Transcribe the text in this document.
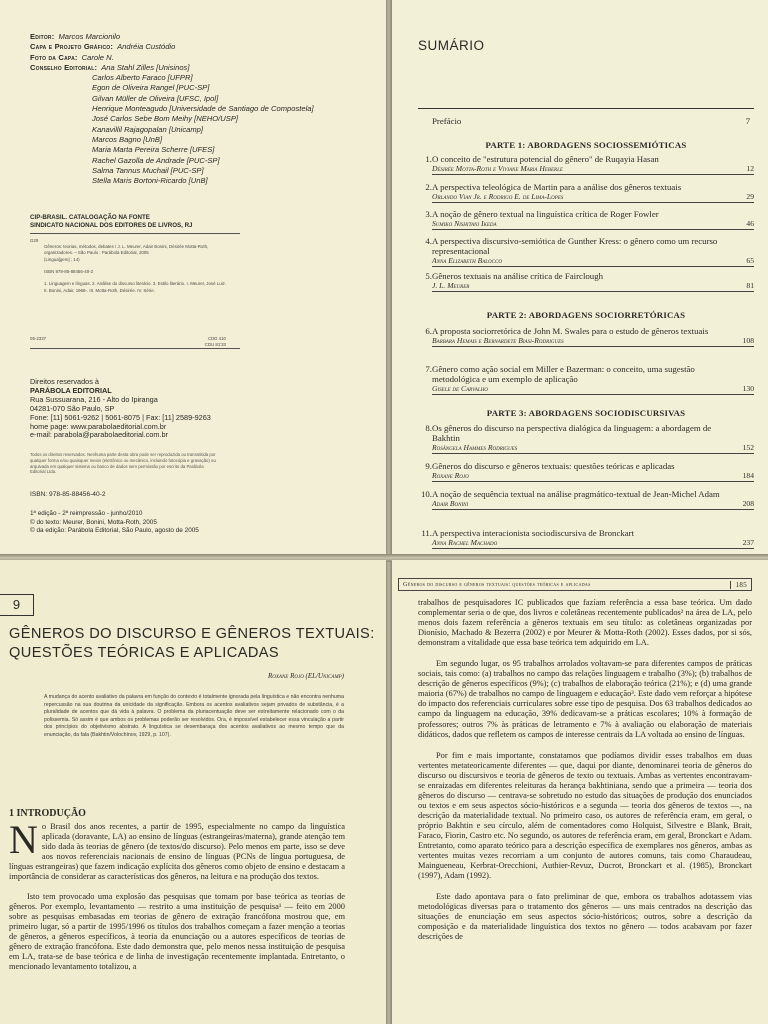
Editor: Marcos Marcionilo
Capa e Projeto Gráfico: Andréia Custódio
Foto da Capa: Carole N.
Conselho Editorial: Ana Stahl Zilles [Unisinos]
Carlos Alberto Faraco [UFPR]
Egon de Oliveira Rangel [PUC-SP]
Gilvan Müller de Oliveira [UFSC, Ipol]
Henrique Monteagudo [Universidade de Santiago de Compostela]
José Carlos Sebe Bom Meihy [NEHO/USP]
Kanavillil Rajagopalan [Unicamp]
Marcos Bagno [UnB]
Maria Marta Pereira Scherre [UFES]
Rachel Gazolla de Andrade [PUC-SP]
Salma Tannus Muchail [PUC-SP]
Stella Maris Bortoni-Ricardo [UnB]
CIP-BRASIL. CATALOGAÇÃO NA FONTE
SINDICATO NACIONAL DOS EDITORES DE LIVROS, RJ
G29
Gêneros: teorias, métodos, debates / J. L. Meurer, Adair Bonini, Désirée Motta-Roth,
organizadores. – São Paulo : Parábola Editorial, 2005
(Lingua[gem] ; 14)

ISBN 978-85-88456-40-2

1. Linguagem e línguas. 2. Análise do discurso literário. 3. Estilo literário. I. Meurer, José Luiz.
II. Bonini, Adair, 1968-. III. Motta-Roth, Désirée. IV. Série.
05-2337	CDD 410
CDU 81'33
Direitos reservados à
PARÁBOLA EDITORIAL
Rua Sussuarana, 216 - Alto do Ipiranga
04281-070 São Paulo, SP
Fone: [11] 5061-9262 | 5061-8075 | Fax: [11] 2589-9263
home page: www.parabolaeditorial.com.br
e-mail: parabola@parabolaeditorial.com.br
Todos os direitos reservados. Nenhuma parte desta obra pode ser reproduzida ou transmitida por qualquer forma e/ou quaisquer meios (eletrônico ou mecânico, incluindo fotocópia e gravação) ou arquivada em qualquer sistema ou banco de dados sem permissão por escrito da Parábola Editorial Ltda.
ISBN: 978-85-88456-40-2
1ª edição - 2ª reimpressão - junho/2010
© do texto: Meurer, Bonini, Motta-Roth, 2005
© da edição: Parábola Editorial, São Paulo, agosto de 2005
SUMÁRIO
Prefácio	7
PARTE 1: ABORDAGENS SOCIOSSEMIÓTICAS
1. O conceito de "estrutura potencial do gênero" de Ruqayia Hasan
Désirée Motta-Roth e Viviane Maria Heberle	12
2. A perspectiva teleológica de Martin para a análise dos gêneros textuais
Orlando Vian Jr. e Rodrigo E. de Lima-Lopes	29
3. A noção de gênero textual na linguística crítica de Roger Fowler
Sumiko Nishitani Ikeda	46
4. A perspectiva discursivo-semiótica de Gunther Kress: o gênero como um recurso representacional
Anna Elizabeth Balocco	65
5. Gêneros textuais na análise crítica de Fairclough
J. L. Meurer	81
PARTE 2: ABORDAGENS SOCIORRETÓRICAS
6. A proposta sociorretórica de John M. Swales para o estudo de gêneros textuais
Barbara Hemais e Bernardete Biasi-Rodrigues	108
7. Gênero como ação social em Miller e Bazerman: o conceito, uma sugestão metodológica e um exemplo de aplicação
Gisele de Carvalho	130
PARTE 3: ABORDAGENS SOCIODISCURSIVAS
8. Os gêneros do discurso na perspectiva dialógica da linguagem: a abordagem de Bakhtin
Rosângela Hammes Rodrigues	152
9. Gêneros do discurso e gêneros textuais: questões teóricas e aplicadas
Roxane Rojo	184
10. A noção de sequência textual na análise pragmático-textual de Jean-Michel Adam
Adair Bonini	208
11. A perspectiva interacionista sociodiscursiva de Bronckart
Anna Rachel Machado	237
9
GÊNEROS DO DISCURSO E GÊNEROS TEXTUAIS:
QUESTÕES TEÓRICAS E APLICADAS
Roxane Rojo (EL/Unicamp)
A mudança do acento avaliativo da palavra em função do contexto é totalmente ignorada pela linguística e não encontra nenhuma repercussão na sua doutrina da unicidade da significação. Embora os acentos avaliativos sejam privados de substância, é a pluralidade de acentos que dá vida à palavra. O problema da pluriacentuação deve ser estreitamente relacionado com o da polissemia. Só assim é que ambos os problemas poderão ser resolvidos. Ora, é impossível estabelecer essa vinculação a partir dos princípios do objetivismo abstrato. A linguística se desembaraça dos acentos avaliativos ao mesmo tempo que da enunciação, da fala (Bakhtin/Volochínov, 1929, p. 107).
1 INTRODUÇÃO

No Brasil dos anos recentes, a partir de 1995, especialmente no campo da linguística aplicada (doravante, LA) ao ensino de línguas (estrangeiras/materna), grande atenção tem sido dada às teorias de gênero (de textos/do discurso). Pelo menos em parte, isso se deve aos novos referenciais nacionais de ensino de línguas (PCNs de língua portuguesa, de línguas estrangeiras) que fazem indicação explícita dos gêneros como objeto de ensino e destacam a importância de considerar as características dos gêneros, na leitura e na produção dos textos.

Isto tem provocado uma explosão das pesquisas que tomam por base teórica as teorias de gêneros. Por exemplo, levantamento — restrito a uma instituição de pesquisa¹ — feito em 2000 sobre as pesquisas embasadas em teorias de gênero de extração francófona mostrou que, em primeiro lugar, só a partir de 1995/1996 os títulos dos trabalhos começam a fazer menção a teorias de gêneros, a gêneros específicos, à teoria da enunciação ou a autores específicos de teorias de gênero de extração francófona. Este dado demonstra que, pelo menos nessa instituição de pesquisa em LA, trata-se de base teórica e de linha de investigação recentemente implantada. Entretanto, o mencionado levantamento totalizou, a

Gêneros do discurso e gêneros textuais: questões teóricas e aplicadas	185

trabalhos de pesquisadores IC publicados que fazíam referência a essa base teórica. Um dado complementar seria o de que, dos livros e coletâneas recentemente publicados² na área de LA, pelo menos dois fazem referência a gêneros textuais em seu título: as coletâneas organizadas por Dionísio, Machado & Bezerra (2002) e por Meurer & Motta-Roth (2002). Esses dados, por si sós, demonstram a vitalidade que essa base teórica tem adquirido em LA.

Em segundo lugar, os 95 trabalhos arrolados voltavam-se para diferentes campos de práticas sociais, tais como: (a) trabalhos no campo das relações linguagem e trabalho (3%); (b) trabalhos de descrição de gêneros específicos (9%); (c) trabalhos de elaboração teórica (21%); e (d) uma grande maioria (67%) de trabalhos no campo de linguagem e educação³. Este dado vem reforçar a hipótese do impacto dos referenciais curriculares sobre esse tipo de pesquisa. Dos 63 trabalhos dedicados ao campo da linguagem na educação, 39% dedicavam-se a práticas escolares; 10% à formação de professores; outros 7% às práticas de letramento e 7% à avaliação ou elaboração de materiais didáticos, dados que refletem os campos de interesse centrais da LA voltada ao ensino de línguas.

Por fim e mais importante, constatamos que podíamos dividir esses trabalhos em duas vertentes metateoricamente diferentes — que, daqui por diante, denominarei teoria de gêneros do discurso ou discursivos e teoria de gêneros de texto ou textuais. Ambas as vertentes encontravam-se enraizadas em diferentes releituras da herança bakhtiniana, sendo que a primeira — teoria dos gêneros do discurso — centrava-se sobretudo no estudo das situações de produção dos enunciados ou textos e em seus aspectos sócio-históricos e a segunda — teoria dos gêneros de textos —, na descrição da materialidade textual. No primeiro caso, os autores de referência eram, em geral, o próprio Bakhtin e seu círculo, além de comentadores como Holquist, Silvestre e Blank, Brait, Faraco, Fiorin, Castro etc. No segundo, os autores de referência eram, em geral, Bronckart e Adam. Entretanto, como aparato teórico para a descrição específica de exemplares nos gêneros, ambas as vertentes muitas vezes recorriam a um conjunto de autores comuns, tais como Charaudeau, Maingueneau, Kerbrat-Orecchioni, Authier-Revuz, Ducrot, Bronckart et al. (1985), Bronckart (1997), Adam (1992).

Este dado apontava para o fato preliminar de que, embora os trabalhos adotassem vias metodológicas diversas para o tratamento dos gêneros — uns mais centrados na descrição das situações de enunciação em seus aspectos sócio-históricos; outros, sobre a descrição da composição e da materialidade linguística dos textos no gênero — todos acabavam por fazer descrições de
